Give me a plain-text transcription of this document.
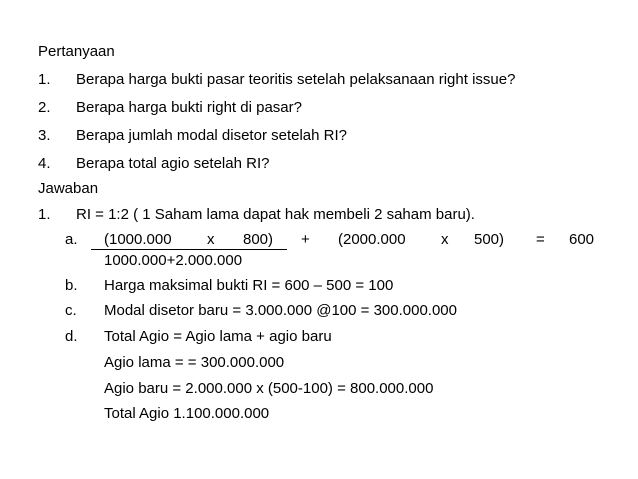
Pertanyaan
1. Berapa harga bukti pasar teoritis setelah pelaksanaan right issue?
2. Berapa harga bukti right di pasar?
3. Berapa jumlah modal disetor setelah RI?
4. Berapa total agio setelah RI?
Jawaban
1. RI = 1:2 ( 1 Saham lama dapat hak membeli 2 saham baru).
a. (1000.000 x 800) + (2000.000 x 500) = 600
1000.000+2.000.000
b. Harga maksimal bukti RI = 600 – 500 = 100
c. Modal disetor baru = 3.000.000 @100 = 300.000.000
d. Total Agio = Agio lama + agio baru
Agio lama = = 300.000.000
Agio baru = 2.000.000 x (500-100) = 800.000.000
Total Agio 1.100.000.000
